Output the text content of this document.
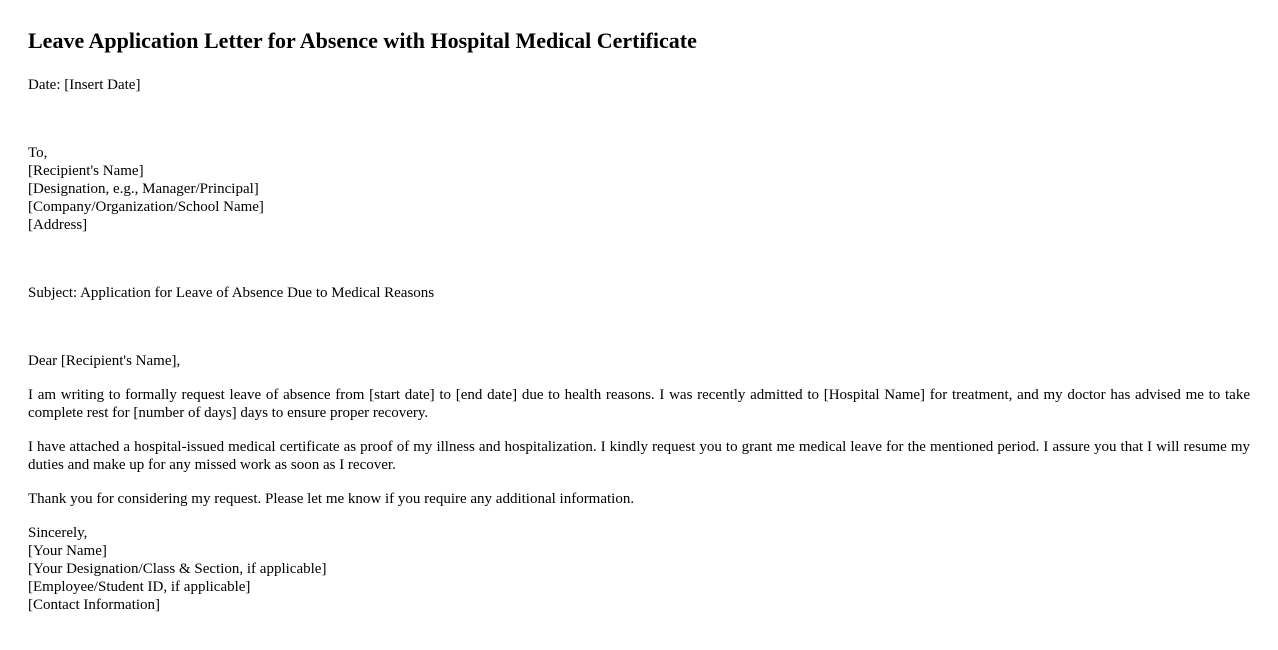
Leave Application Letter for Absence with Hospital Medical Certificate
Date: [Insert Date]
To,
[Recipient's Name]
[Designation, e.g., Manager/Principal]
[Company/Organization/School Name]
[Address]
Subject: Application for Leave of Absence Due to Medical Reasons
Dear [Recipient's Name],

I am writing to formally request leave of absence from [start date] to [end date] due to health reasons. I was recently admitted to [Hospital Name] for treatment, and my doctor has advised me to take complete rest for [number of days] days to ensure proper recovery.

I have attached a hospital-issued medical certificate as proof of my illness and hospitalization. I kindly request you to grant me medical leave for the mentioned period. I assure you that I will resume my duties and make up for any missed work as soon as I recover.

Thank you for considering my request. Please let me know if you require any additional information.

Sincerely,
[Your Name]
[Your Designation/Class & Section, if applicable]
[Employee/Student ID, if applicable]
[Contact Information]
